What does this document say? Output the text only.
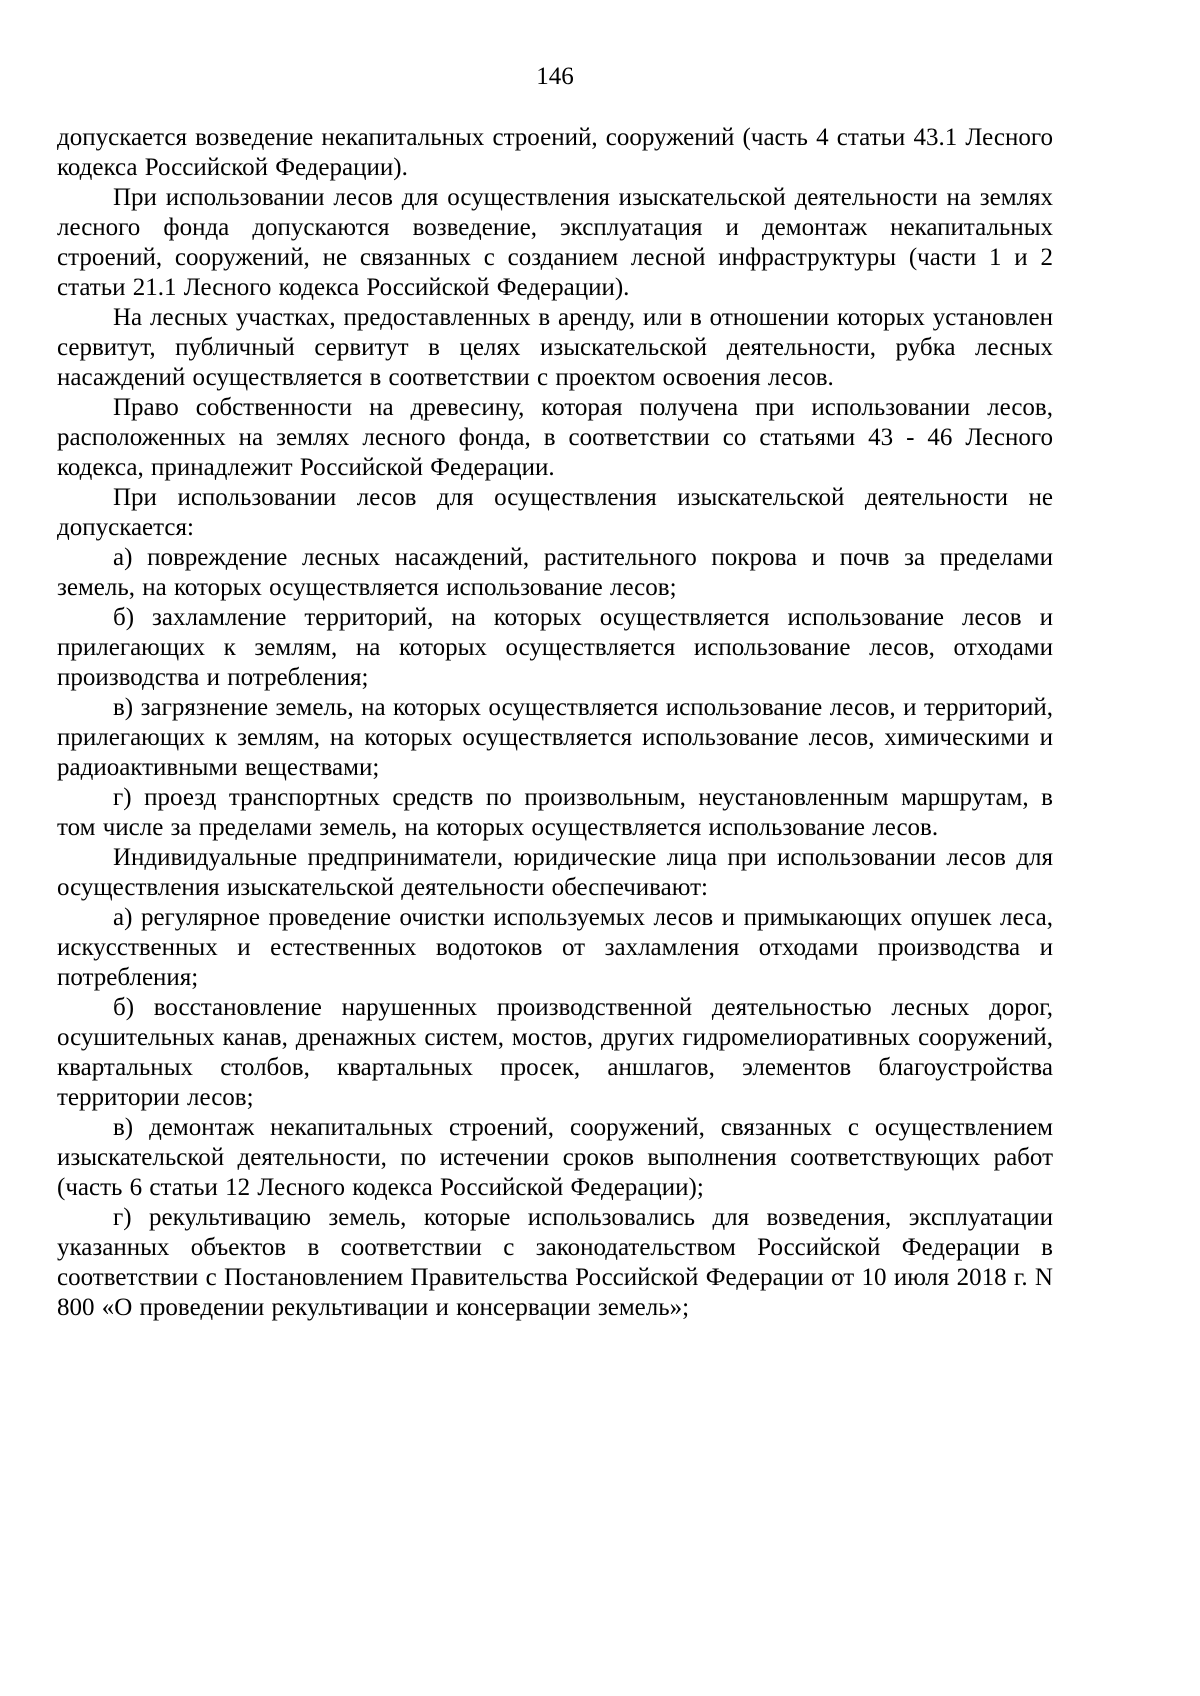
146

допускается возведение некапитальных строений, сооружений (часть 4 статьи 43.1 Лесного кодекса Российской Федерации).

При использовании лесов для осуществления изыскательской деятельности на землях лесного фонда допускаются возведение, эксплуатация и демонтаж некапитальных строений, сооружений, не связанных с созданием лесной инфраструктуры (части 1 и 2 статьи 21.1 Лесного кодекса Российской Федерации).

На лесных участках, предоставленных в аренду, или в отношении которых установлен сервитут, публичный сервитут в целях изыскательской деятельности, рубка лесных насаждений осуществляется в соответствии с проектом освоения лесов.

Право собственности на древесину, которая получена при использовании лесов, расположенных на землях лесного фонда, в соответствии со статьями 43 - 46 Лесного кодекса, принадлежит Российской Федерации.

При использовании лесов для осуществления изыскательской деятельности не допускается:

а) повреждение лесных насаждений, растительного покрова и почв за пределами земель, на которых осуществляется использование лесов;

б) захламление территорий, на которых осуществляется использование лесов и прилегающих к землям, на которых осуществляется использование лесов, отходами производства и потребления;

в) загрязнение земель, на которых осуществляется использование лесов, и территорий, прилегающих к землям, на которых осуществляется использование лесов, химическими и радиоактивными веществами;

г) проезд транспортных средств по произвольным, неустановленным маршрутам, в том числе за пределами земель, на которых осуществляется использование лесов.

Индивидуальные предприниматели, юридические лица при использовании лесов для осуществления изыскательской деятельности обеспечивают:

а) регулярное проведение очистки используемых лесов и примыкающих опушек леса, искусственных и естественных водотоков от захламления отходами производства и потребления;

б) восстановление нарушенных производственной деятельностью лесных дорог, осушительных канав, дренажных систем, мостов, других гидромелиоративных сооружений, квартальных столбов, квартальных просек, аншлагов, элементов благоустройства территории лесов;

в) демонтаж некапитальных строений, сооружений, связанных с осуществлением изыскательской деятельности, по истечении сроков выполнения соответствующих работ (часть 6 статьи 12 Лесного кодекса Российской Федерации);

г) рекультивацию земель, которые использовались для возведения, эксплуатации указанных объектов в соответствии с законодательством Российской Федерации в соответствии с Постановлением Правительства Российской Федерации от 10 июля 2018 г. N 800 «О проведении рекультивации и консервации земель»;
